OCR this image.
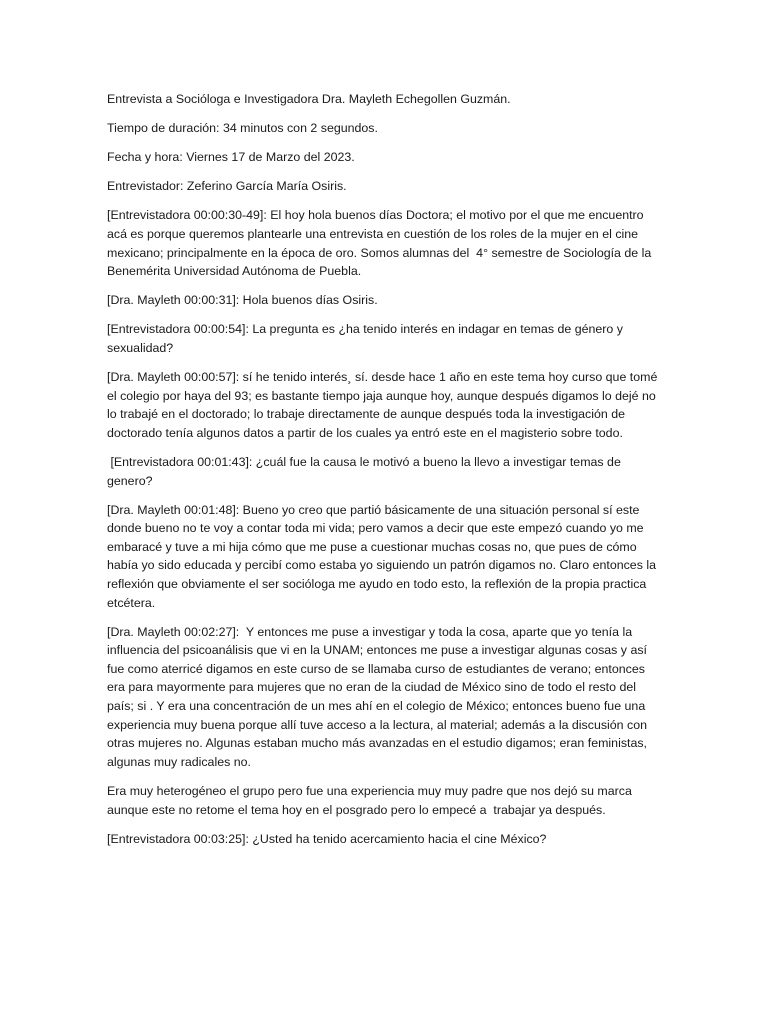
Entrevista a Socióloga e Investigadora Dra. Mayleth Echegollen Guzmán.

Tiempo de duración: 34 minutos con 2 segundos.

Fecha y hora: Viernes 17 de Marzo del 2023.

Entrevistador: Zeferino García María Osiris.

[Entrevistadora 00:00:30-49]: El hoy hola buenos días Doctora; el motivo por el que me encuentro acá es porque queremos plantearle una entrevista en cuestión de los roles de la mujer en el cine mexicano; principalmente en la época de oro. Somos alumnas del  4° semestre de Sociología de la Benemérita Universidad Autónoma de Puebla.

[Dra. Mayleth 00:00:31]: Hola buenos días Osiris.

[Entrevistadora 00:00:54]: La pregunta es ¿ha tenido interés en indagar en temas de género y sexualidad?

[Dra. Mayleth 00:00:57]: sí he tenido interés¸ sí. desde hace 1 año en este tema hoy curso que tomé el colegio por haya del 93; es bastante tiempo jaja aunque hoy, aunque después digamos lo dejé no lo trabajé en el doctorado; lo trabaje directamente de aunque después toda la investigación de doctorado tenía algunos datos a partir de los cuales ya entró este en el magisterio sobre todo.

[Entrevistadora 00:01:43]: ¿cuál fue la causa le motivó a bueno la llevo a investigar temas de genero?

[Dra. Mayleth 00:01:48]: Bueno yo creo que partió básicamente de una situación personal sí este donde bueno no te voy a contar toda mi vida; pero vamos a decir que este empezó cuando yo me embaracé y tuve a mi hija cómo que me puse a cuestionar muchas cosas no, que pues de cómo había yo sido educada y percibí como estaba yo siguiendo un patrón digamos no. Claro entonces la reflexión que obviamente el ser socióloga me ayudo en todo esto, la reflexión de la propia practica etcétera.

[Dra. Mayleth 00:02:27]:  Y entonces me puse a investigar y toda la cosa, aparte que yo tenía la influencia del psicoanálisis que vi en la UNAM; entonces me puse a investigar algunas cosas y así fue como aterricé digamos en este curso de se llamaba curso de estudiantes de verano; entonces era para mayormente para mujeres que no eran de la ciudad de México sino de todo el resto del país; si . Y era una concentración de un mes ahí en el colegio de México; entonces bueno fue una experiencia muy buena porque allí tuve acceso a la lectura, al material; además a la discusión con otras mujeres no. Algunas estaban mucho más avanzadas en el estudio digamos; eran feministas, algunas muy radicales no.

Era muy heterogéneo el grupo pero fue una experiencia muy muy padre que nos dejó su marca aunque este no retome el tema hoy en el posgrado pero lo empecé a  trabajar ya después.

[Entrevistadora 00:03:25]: ¿Usted ha tenido acercamiento hacia el cine México?
